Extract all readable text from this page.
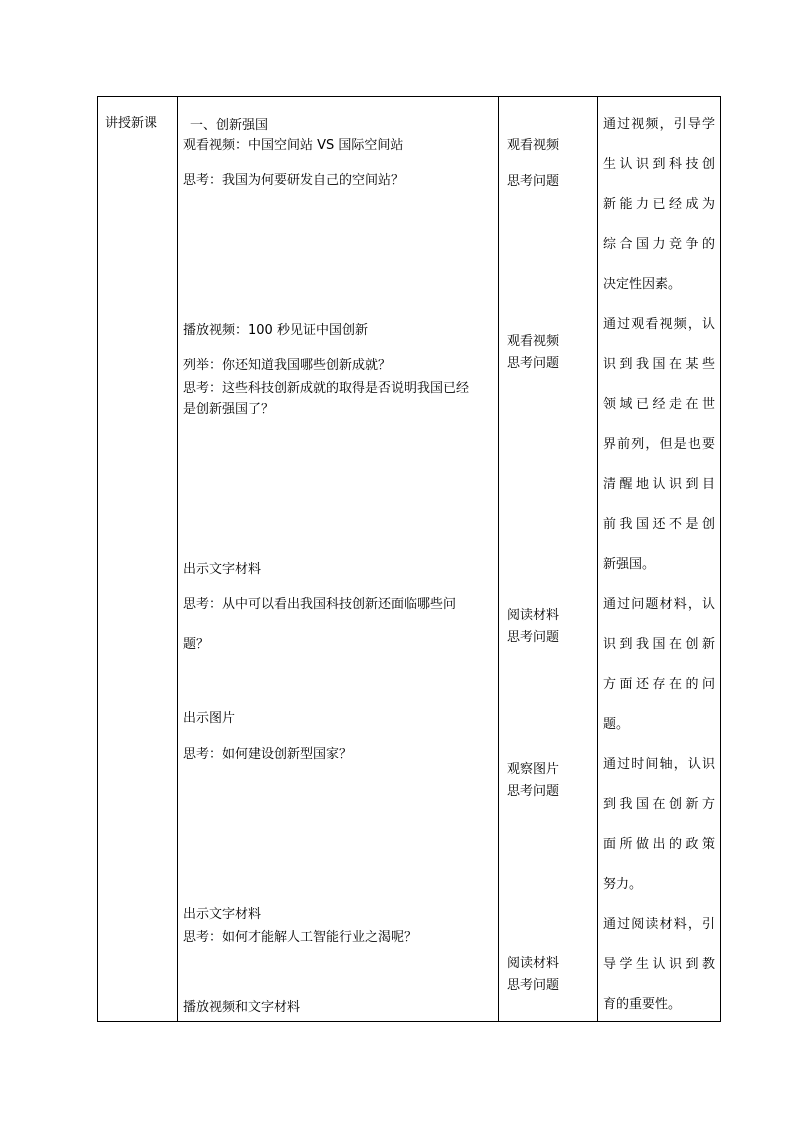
讲授新课	一、创新强国
观看视频：中国空间站 VS 国际空间站
思考：我国为何要研发自己的空间站？
播放视频：100 秒见证中国创新
列举：你还知道我国哪些创新成就？
思考：这些科技创新成就的取得是否说明我国已经
是创新强国了？
出示文字材料
思考：从中可以看出我国科技创新还面临哪些问
题？
出示图片
思考：如何建设创新型国家？
出示文字材料
思考：如何才能解人工智能行业之渴呢？
播放视频和文字材料
观看视频
思考问题
观看视频
思考问题
阅读材料
思考问题
观察图片
思考问题
阅读材料
思考问题
通过视频，引导学
生认识到科技创
新能力已经成为
综合国力竞争的
决定性因素。
通过观看视频，认
识到我国在某些
领域已经走在世
界前列，但是也要
清醒地认识到目
前我国还不是创
新强国。
通过问题材料，认
识到我国在创新
方面还存在的问
题。
通过时间轴，认识
到我国在创新方
面所做出的政策
努力。
通过阅读材料，引
导学生认识到教
育的重要性。
